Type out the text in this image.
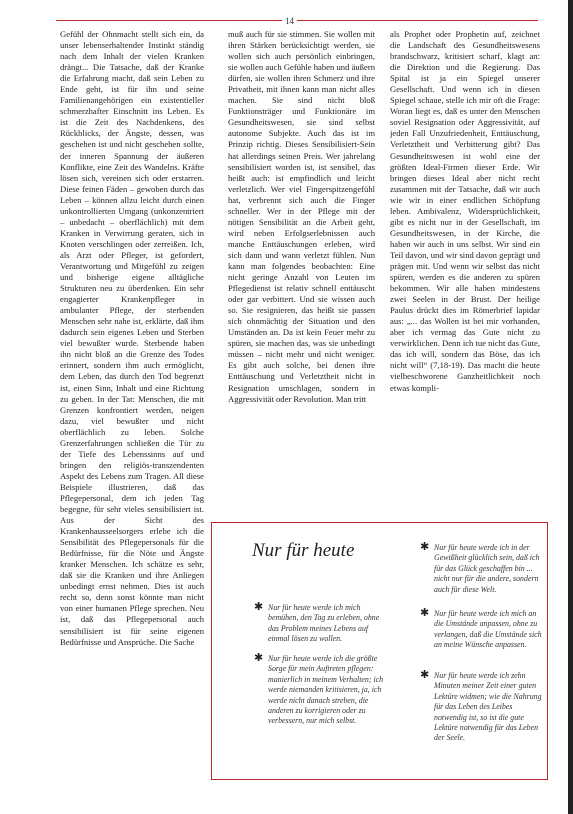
14

Gefühl der Ohnmacht stellt sich ein, da unser lebenserhaltender Instinkt ständig nach dem Inhalt der vielen Kranken drängt... Die Tatsache, daß der Kranke die Erfahrung macht, daß sein Leben zu Ende geht, ist für ihn und seine Familienangehörigen ein existentieller schmerzhafter Einschnitt ins Leben. Es ist die Zeit des Nachdenkens, des Rückblicks, der Ängste, dessen, was geschehen ist und nicht geschehen sollte, der inneren Spannung der äußeren Konflikte, eine Zeit des Wandelns. Kräfte lösen sich, vereinen sich oder erstarren. Diese feinen Fäden – gewoben durch das Leben – können allzu leicht durch einen unkontrollierten Umgang (unkonzentriert – unbedacht – oberflächlich) mit dem Kranken in Verwirrung geraten, sich in Knoten verschlingen oder zerreißen. Ich, als Arzt oder Pfleger, ist gefordert, Verantwortung und Mitgefühl zu zeigen und bisherige eigene alltägliche Strukturen neu zu überdenken. Ein sehr engagierter Krankenpfleger in ambulanter Pflege, der sterbenden Menschen sehr nahe ist, erklärte, daß ihm dadurch sein eigenes Leben und Sterben viel bewußter wurde. Sterbende haben ihn nicht bloß an die Grenze des Todes erinnert, sondern ihm auch ermöglicht, dem Leben, das durch den Tod begrenzt ist, einen Sinn, Inhalt und eine Richtung zu geben. In der Tat: Menschen, die mit Grenzen konfrontiert werden, neigen dazu, viel bewußter und nicht oberflächlich zu leben. Solche Grenzerfahrungen schließen die Tür zu der Tiefe des Lebenssinns auf und bringen den religiös-transzendenten Aspekt des Lebens zum Tragen. All diese Beispiele illustrieren, daß das Pflegepersonal, dem ich jeden Tag begegne, für sehr vieles sensibilisiert ist. Aus der Sicht des Krankenhausseelsorgers erlebe ich die Sensibilität des Pflegepersonals für die Bedürfnisse, für die Nöte und Ängste kranker Menschen. Ich schätze es sehr, daß sie die Kranken und ihre Anliegen unbedingt ernst nehmen. Dies ist auch recht so, denn sonst könnte man nicht von einer humanen Pflege sprechen. Neu ist, daß das Pflegepersonal auch sensibilisiert ist für seine eigenen Bedürfnisse und Ansprüche. Die Sache

muß auch für sie stimmen. Sie wollen mit ihren Stärken berücksichtigt werden, sie wollen sich auch persönlich einbringen, sie wollen auch Gefühle haben und äußern dürfen, sie wollen ihren Schmerz und ihre Privatheit, mit ihnen kann man nicht alles machen. Sie sind nicht bloß Funktionsträger und Funktionäre im Gesundheitswesen, sie sind selbst autonome Subjekte. Auch das ist im Prinzip richtig. Dieses Sensibilisiert-Sein hat allerdings seinen Preis. Wer jahrelang sensibilisiert worden ist, ist sensibel, das heißt auch: ist empfindlich und leicht verletzlich. Wer viel Fingerspitzengefühl hat, verbrennt sich auch die Finger schneller. Wer in der Pflege mit der nötigen Sensibilität an die Arbeit geht, wird neben Erfolgserlebnissen auch manche Enttäuschungen erleben, wird sich dann und wann verletzt fühlen. Nun kann man folgendes beobachten: Eine nicht geringe Anzahl von Leuten im Pflegedienst ist relativ schnell enttäuscht oder gar verbittert. Und sie wissen auch so. Sie resignieren, das heißt sie passen sich ohnmächtig der Situation und den Umständen an. Da ist kein Feuer mehr zu spüren, sie machen das, was sie unbedingt müssen – nicht mehr und nicht weniger. Es gibt auch solche, bei denen ihre Enttäuschung und Verletztheit nicht in Resignation umschlagen, sondern in Aggressivität oder Revolution. Man tritt

als Prophet oder Prophetin auf, zeichnet die Landschaft des Gesundheitswesens brandschwarz, kritisiert scharf, klagt an: die Direktion und die Regierung. Das Spital ist ja ein Spiegel unserer Gesellschaft. Und wenn ich in diesen Spiegel schaue, stelle ich mir oft die Frage: Woran liegt es, daß es unter den Menschen soviel Resignation oder Aggressivität, auf jeden Fall Unzufriedenheit, Enttäuschung, Verletztheit und Verbitterung gibt? Das Gesundheitswesen ist wohl eine der größten Ideal-Firmen dieser Erde. Wir bringen dieses Ideal aber nicht recht zusammen mit der Tatsache, daß wir auch wie wir in einer endlichen Schöpfung leben. Ambivalenz, Widersprüchlichkeit, gibt es nicht nur in der Gesellschaft, im Gesundheitswesen, in der Kirche, die haben wir auch in uns selbst. Wir sind ein Teil davon, und wir sind davon geprägt und prägen mit. Und wenn wir selbst das nicht spüren, werden es die anderen zu spüren bekommen. Wir alle haben mindestens zwei Seelen in der Brust. Der heilige Paulus drückt dies im Römerbrief lapidar aus: „... das Wollen ist bei mir vorhanden, aber ich vermag das Gute nicht zu verwirklichen. Denn ich tue nicht das Gute, das ich will, sondern das Böse, das ich nicht will“ (7,18-19). Das macht die heute vielbeschworene Ganzheitlichkeit noch etwas kompli-

Nur für heute
✱ Nur für heute werde ich mich bemühen, den Tag zu erleben, ohne das Problem meines Lebens auf einmal lösen zu wollen.
✱ Nur für heute werde ich die größte Sorge für mein Auftreten pflegen: manierlich in meinem Verhalten; ich werde niemanden kritisieren, ja, ich werde nicht danach streben, die anderen zu korrigieren oder zu verbessern, nur mich selbst.
✱ Nur für heute werde ich in der Gewißheit glücklich sein, daß ich für das Glück geschaffen bin ... nicht nur für die andere, sondern auch für diese Welt.
✱ Nur für heute werde ich mich an die Umstände anpassen, ohne zu verlangen, daß die Umstände sich an meine Wünsche anpassen.
✱ Nur für heute werde ich zehn Minuten meiner Zeit einer guten Lektüre widmen; wie die Nahrung für das Leben des Leibes notwendig ist, so ist die gute Lektüre notwendig für das Leben der Seele.
